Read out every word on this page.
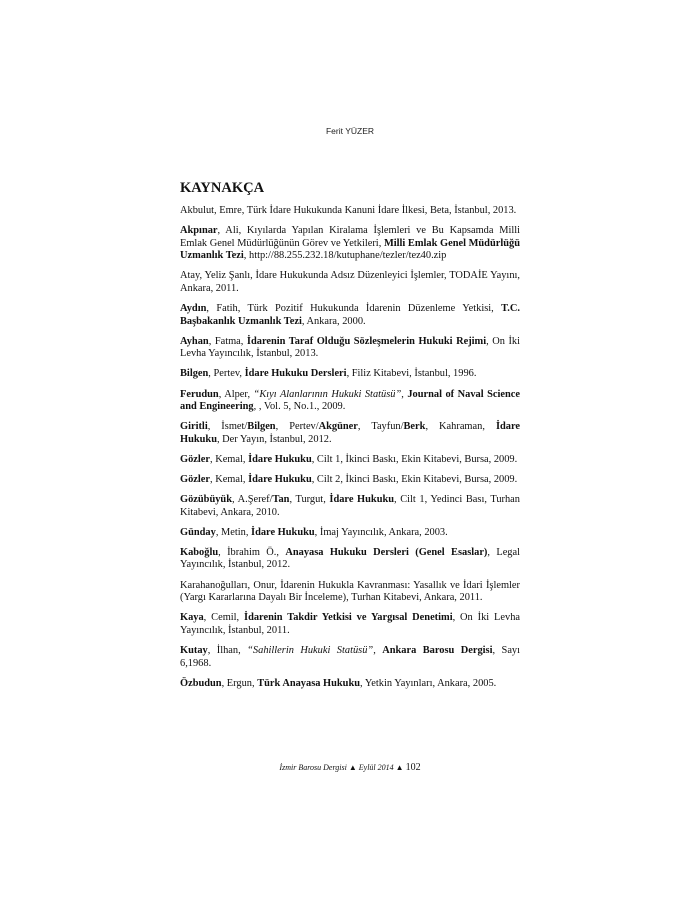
Ferit YÜZER
KAYNAKÇA

Akbulut, Emre, Türk İdare Hukukunda Kanuni İdare İlkesi, Beta, İstanbul, 2013.

Akpınar, Ali, Kıyılarda Yapılan Kiralama İşlemleri ve Bu Kapsamda Milli Emlak Genel Müdürlüğünün Görev ve Yetkileri, Milli Emlak Genel Müdürlüğü Uzmanlık Tezi, http://88.255.232.18/kutuphane/tezler/tez40.zip

Atay, Yeliz Şanlı, İdare Hukukunda Adsız Düzenleyici İşlemler, TODAİE Yayını, Ankara, 2011.

Aydın, Fatih, Türk Pozitif Hukukunda İdarenin Düzenleme Yetkisi, T.C. Başbakanlık Uzmanlık Tezi, Ankara, 2000.

Ayhan, Fatma, İdarenin Taraf Olduğu Sözleşmelerin Hukuki Rejimi, On İki Levha Yayıncılık, İstanbul, 2013.

Bilgen, Pertev, İdare Hukuku Dersleri, Filiz Kitabevi, İstanbul, 1996.

Ferudun, Alper, “Kıyı Alanlarının Hukuki Statüsü”, Journal of Naval Science and Engineering, , Vol. 5, No.1., 2009.

Giritli, İsmet/Bilgen, Pertev/Akgüner, Tayfun/Berk, Kahraman, İdare Hukuku, Der Yayın, İstanbul, 2012.

Gözler, Kemal, İdare Hukuku, Cilt 1, İkinci Baskı, Ekin Kitabevi, Bursa, 2009.

Gözler, Kemal, İdare Hukuku, Cilt 2, İkinci Baskı, Ekin Kitabevi, Bursa, 2009.

Gözübüyük, A.Şeref/Tan, Turgut, İdare Hukuku, Cilt 1, Yedinci Bası, Turhan Kitabevi, Ankara, 2010.

Günday, Metin, İdare Hukuku, İmaj Yayıncılık, Ankara, 2003.

Kaboğlu, İbrahim Ö., Anayasa Hukuku Dersleri (Genel Esaslar), Legal Yayıncılık, İstanbul, 2012.

Karahanoğulları, Onur, İdarenin Hukukla Kavranması: Yasallık ve İdari İşlemler (Yargı Kararlarına Dayalı Bir İnceleme), Turhan Kitabevi, Ankara, 2011.

Kaya, Cemil, İdarenin Takdir Yetkisi ve Yargısal Denetimi, On İki Levha Yayıncılık, İstanbul, 2011.

Kutay, İlhan, “Sahillerin Hukuki Statüsü”, Ankara Barosu Dergisi, Sayı 6,1968.

Özbudun, Ergun, Türk Anayasa Hukuku, Yetkin Yayınları, Ankara, 2005.

İzmir Barosu Dergisi ▲ Eylül 2014 ▲ 102
